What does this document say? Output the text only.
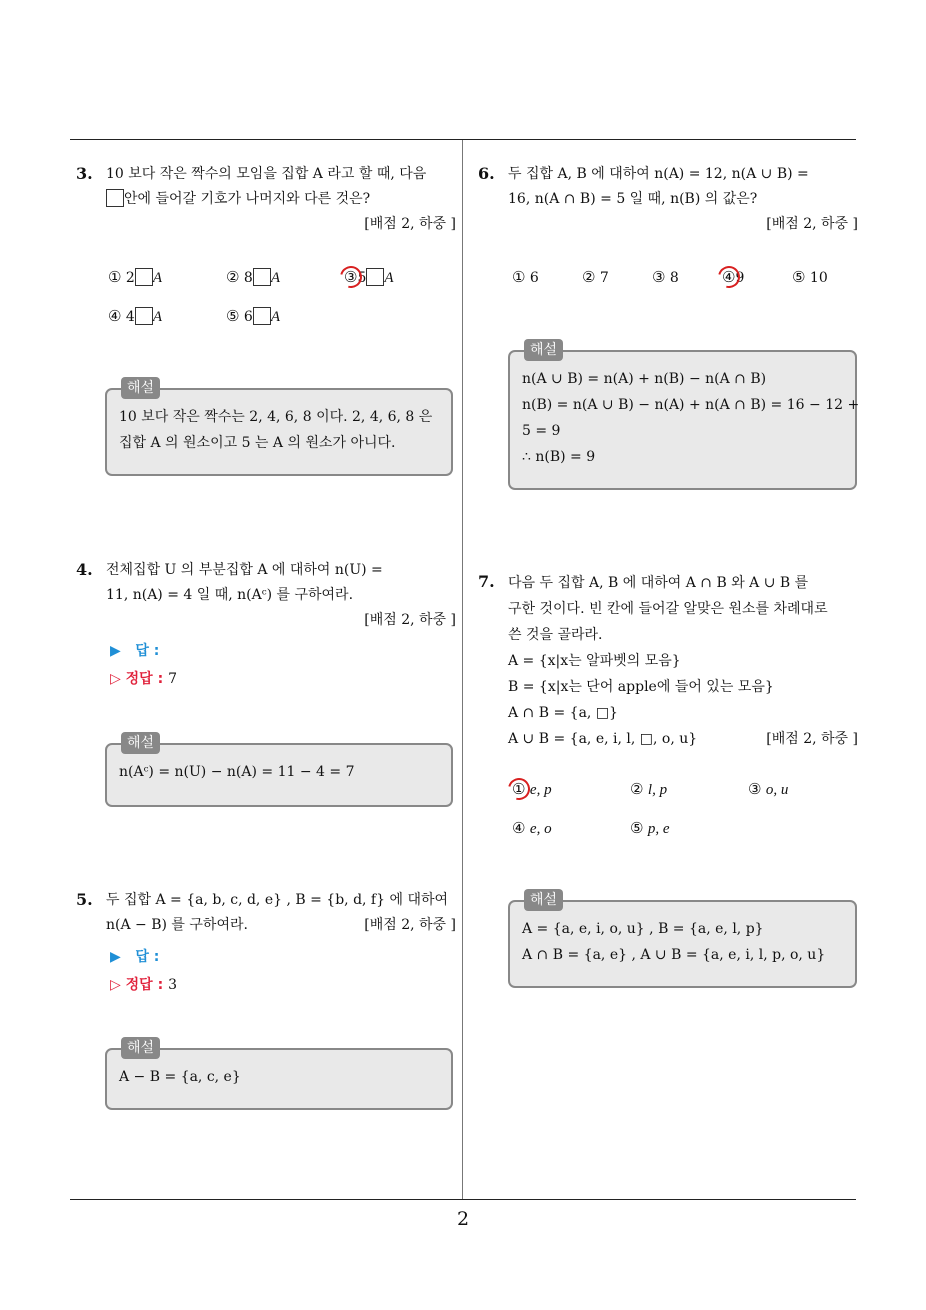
2
3. 10 보다 작은 짝수의 모임을 집합 A 라고 할 때, 다음
안에 들어갈 기호가 나머지와 다른 것은?
[배점 2, 하중 ]
① 2 A	② 8 A	③5 A
④ 4 A	⑤ 6 A
해설
10 보다 작은 짝수는 2, 4, 6, 8 이다. 2, 4, 6, 8 은
집합 A 의 원소이고 5 는 A 의 원소가 아니다.
4. 전체집합 U 의 부분집합 A 에 대하여 n(U) =
11, n(A) = 4 일 때, n(Aᶜ) 를 구하여라.
[배점 2, 하중 ]
▶ 답 :
▷ 정답 : 7
해설
n(Aᶜ) = n(U) − n(A) = 11 − 4 = 7
5. 두 집합 A = {a, b, c, d, e} , B = {b, d, f} 에 대하여
n(A − B) 를 구하여라.	[배점 2, 하중 ]
▶ 답 :
▷ 정답 : 3
해설
A − B = {a, c, e}
6. 두 집합 A, B 에 대하여 n(A) = 12, n(A ∪ B) =
16, n(A ∩ B) = 5 일 때, n(B) 의 값은?
[배점 2, 하중 ]
① 6	② 7	③ 8	④9	⑤ 10
해설
n(A ∪ B) = n(A) + n(B) − n(A ∩ B)
n(B) = n(A ∪ B) − n(A) + n(A ∩ B) = 16 − 12 +
5 = 9
∴ n(B) = 9
7. 다음 두 집합 A, B 에 대하여 A ∩ B 와 A ∪ B 를
구한 것이다. 빈 칸에 들어갈 알맞은 원소를 차례대로
쓴 것을 골라라.
A = {x|x는 알파벳의 모음}
B = {x|x는 단어 apple에 들어 있는 모음}
A ∩ B = {a, □}
A ∪ B = {a, e, i, l, □, o, u}	[배점 2, 하중 ]
① e, p	② l, p	③ o, u
④ e, o	⑤ p, e
해설
A = {a, e, i, o, u} , B = {a, e, l, p}
A ∩ B = {a, e} , A ∪ B = {a, e, i, l, p, o, u}
